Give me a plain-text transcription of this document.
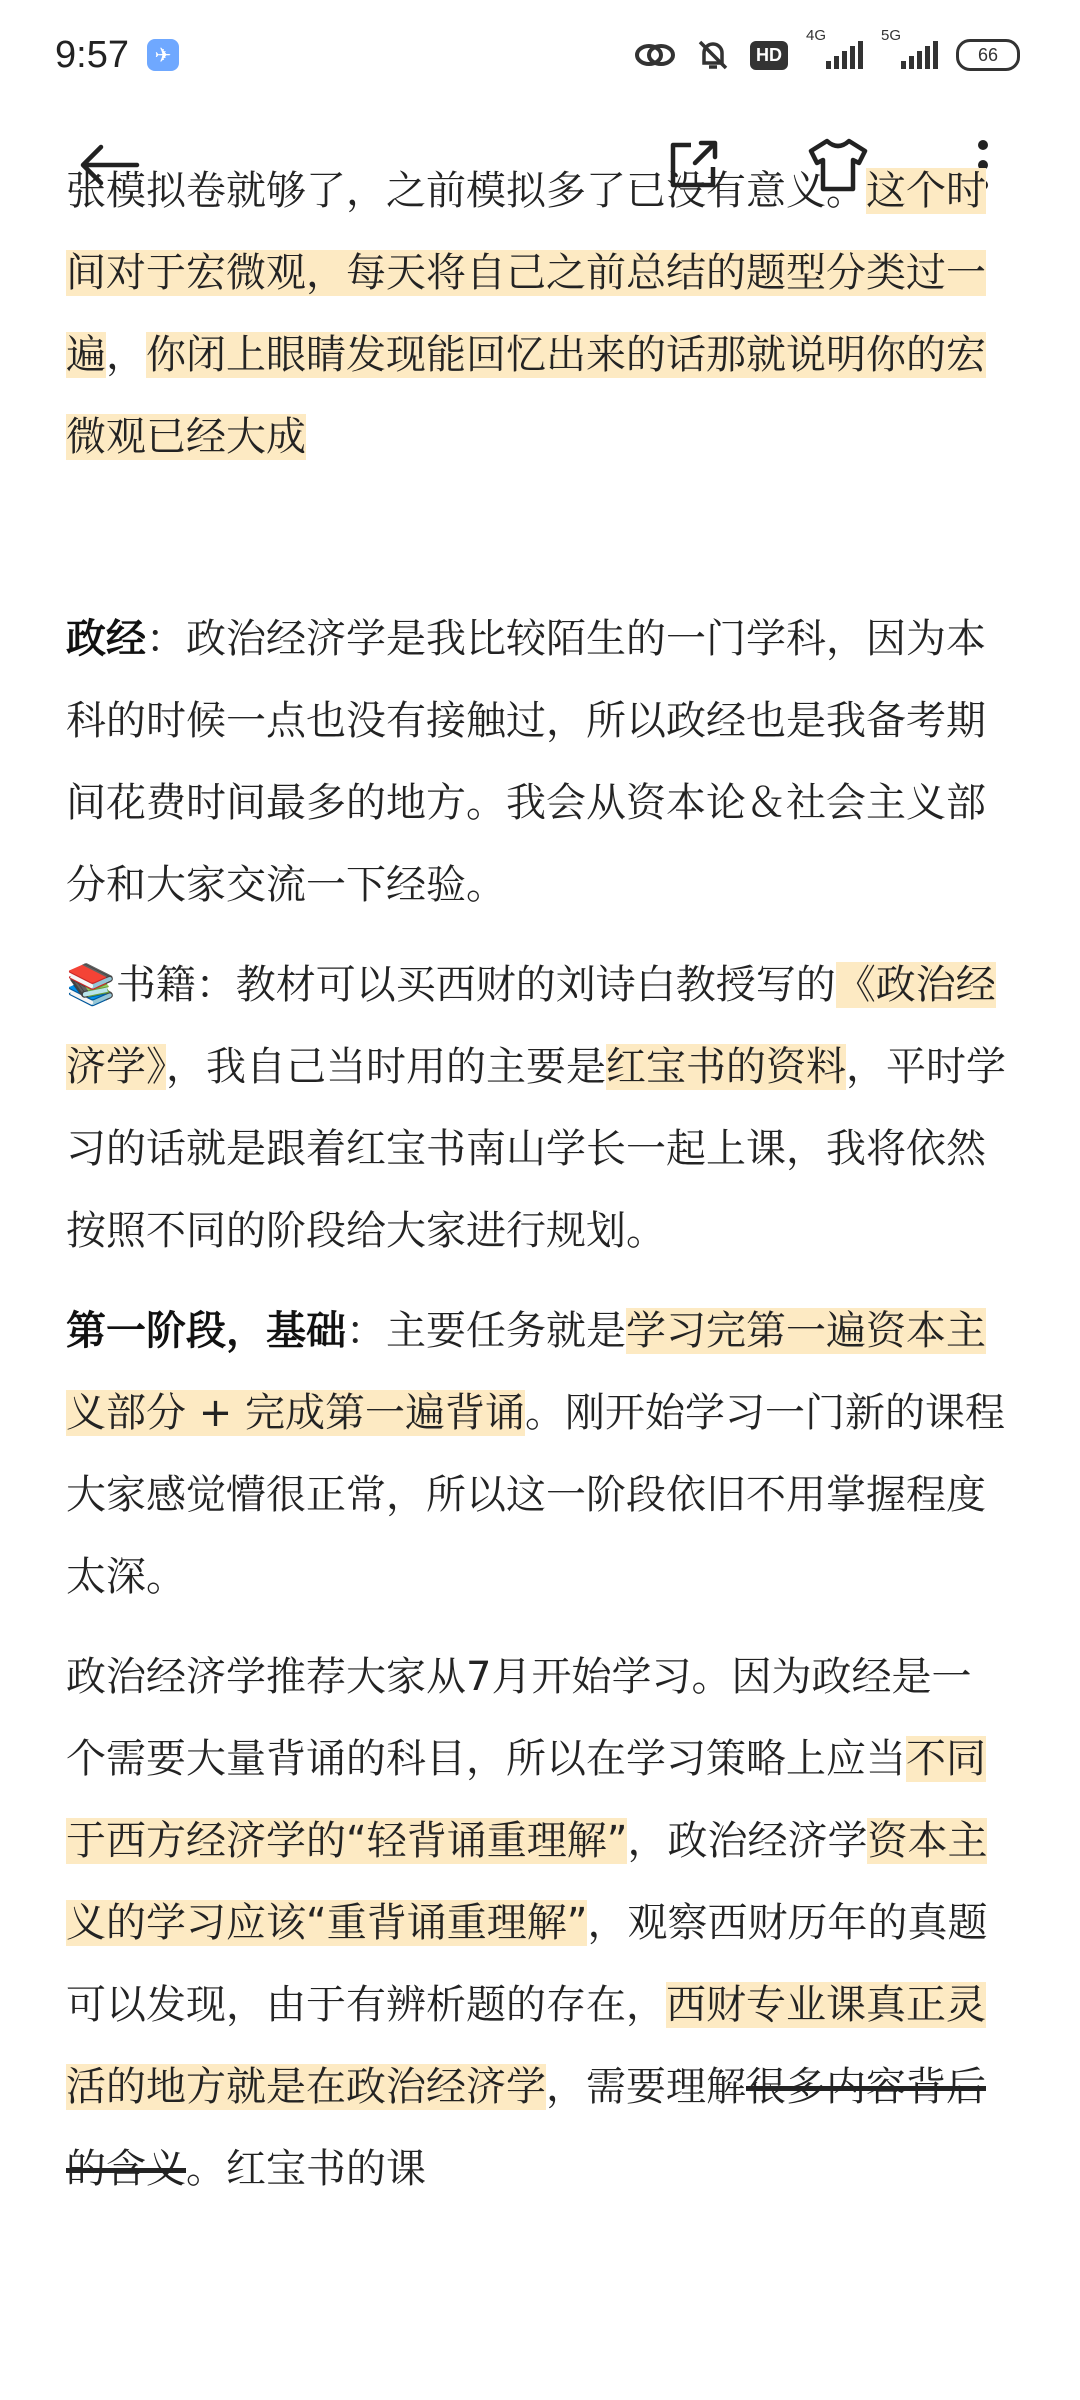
9:57	✈	HD
4G	5G
66

张模拟卷就够了，之前模拟多了已没有意义。这个时间对于宏微观，每天将自己之前总结的题型分类过一遍，你闭上眼睛发现能回忆出来的话那就说明你的宏微观已经大成

政经：政治经济学是我比较陌生的一门学科，因为本科的时候一点也没有接触过，所以政经也是我备考期间花费时间最多的地方。我会从资本论＆社会主义部分和大家交流一下经验。

📚书籍：教材可以买西财的刘诗白教授写的《政治经济学》，我自己当时用的主要是红宝书的资料，平时学习的话就是跟着红宝书南山学长一起上课，我将依然按照不同的阶段给大家进行规划。

第一阶段，基础：主要任务就是学习完第一遍资本主义部分 + 完成第一遍背诵。刚开始学习一门新的课程大家感觉懵很正常，所以这一阶段依旧不用掌握程度太深。

政治经济学推荐大家从7月开始学习。因为政经是一个需要大量背诵的科目，所以在学习策略上应当不同于西方经济学的“轻背诵重理解”，政治经济学资本主义的学习应该“重背诵重理解”，观察西财历年的真题可以发现，由于有辨析题的存在，西财专业课真正灵活的地方就是在政治经济学，需要理解很多内容背后的含义。红宝书的课
